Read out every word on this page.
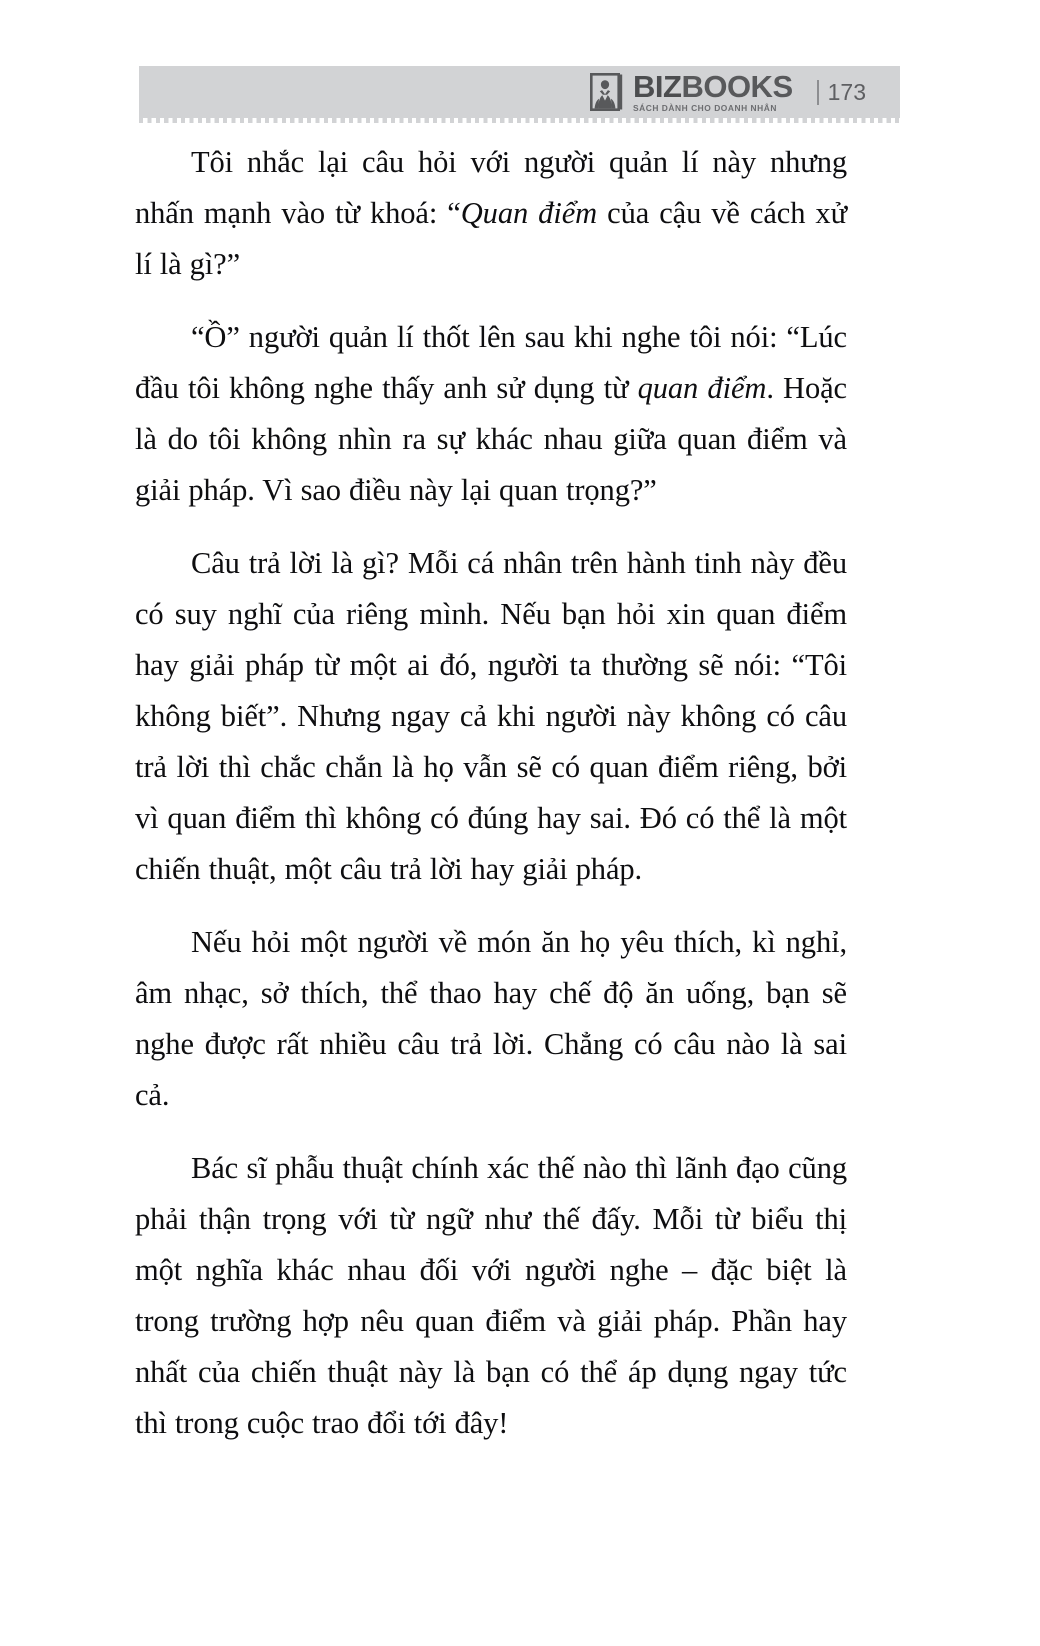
BIZBOOKS
SÁCH DÀNH CHO DOANH NHÂN
173

Tôi nhắc lại câu hỏi với người quản lí này nhưng nhấn mạnh vào từ khoá: “Quan điểm của cậu về cách xử lí là gì?”

“Ồ” người quản lí thốt lên sau khi nghe tôi nói: “Lúc đầu tôi không nghe thấy anh sử dụng từ quan điểm. Hoặc là do tôi không nhìn ra sự khác nhau giữa quan điểm và giải pháp. Vì sao điều này lại quan trọng?”

Câu trả lời là gì? Mỗi cá nhân trên hành tinh này đều có suy nghĩ của riêng mình. Nếu bạn hỏi xin quan điểm hay giải pháp từ một ai đó, người ta thường sẽ nói: “Tôi không biết”. Nhưng ngay cả khi người này không có câu trả lời thì chắc chắn là họ vẫn sẽ có quan điểm riêng, bởi vì quan điểm thì không có đúng hay sai. Đó có thể là một chiến thuật, một câu trả lời hay giải pháp.

Nếu hỏi một người về món ăn họ yêu thích, kì nghỉ, âm nhạc, sở thích, thể thao hay chế độ ăn uống, bạn sẽ nghe được rất nhiều câu trả lời. Chẳng có câu nào là sai cả.

Bác sĩ phẫu thuật chính xác thế nào thì lãnh đạo cũng phải thận trọng với từ ngữ như thế đấy. Mỗi từ biểu thị một nghĩa khác nhau đối với người nghe – đặc biệt là trong trường hợp nêu quan điểm và giải pháp. Phần hay nhất của chiến thuật này là bạn có thể áp dụng ngay tức thì trong cuộc trao đổi tới đây!
